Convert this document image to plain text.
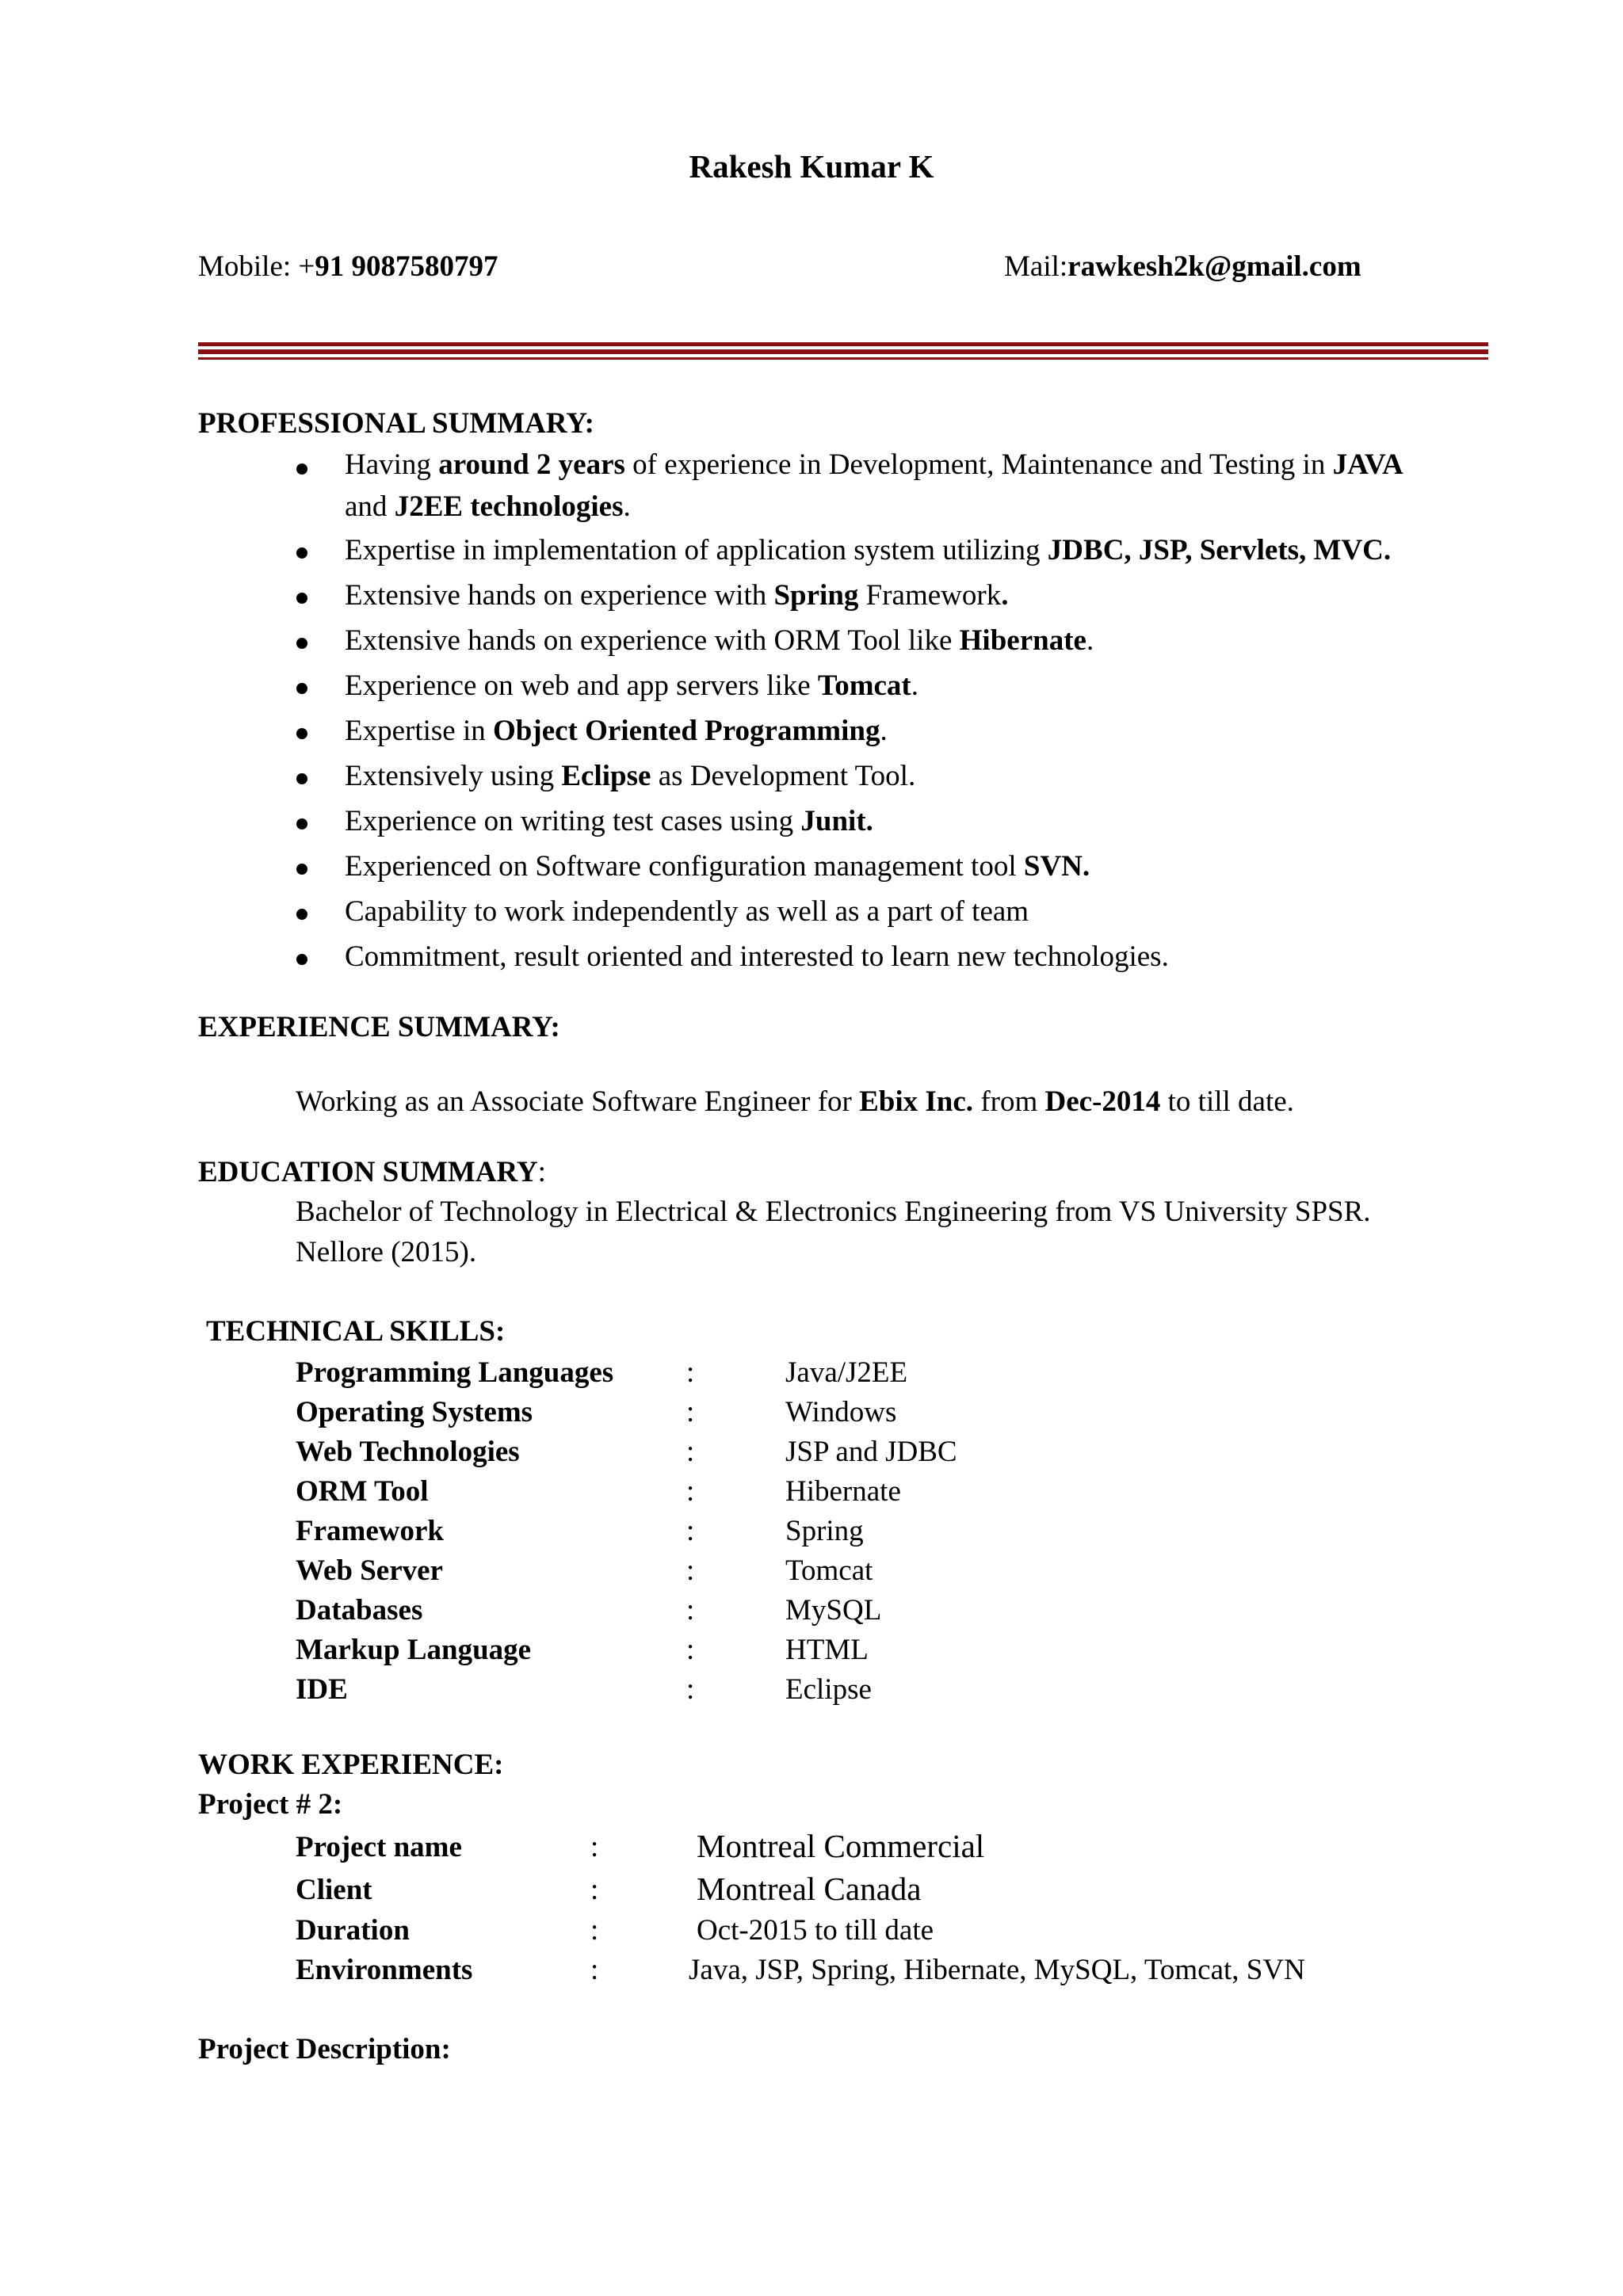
Rakesh Kumar K
Mobile: +91 9087580797	Mail:rawkesh2k@gmail.com
PROFESSIONAL SUMMARY:
Having around 2 years of experience in Development, Maintenance and Testing in JAVA
and J2EE technologies.
Expertise in implementation of application system utilizing JDBC, JSP, Servlets, MVC.
Extensive hands on experience with Spring Framework.
Extensive hands on experience with ORM Tool like Hibernate.
Experience on web and app servers like Tomcat.
Expertise in Object Oriented Programming.
Extensively using Eclipse as Development Tool.
Experience on writing test cases using Junit.
Experienced on Software configuration management tool SVN.
Capability to work independently as well as a part of team
Commitment, result oriented and interested to learn new technologies.
EXPERIENCE SUMMARY:
Working as an Associate Software Engineer for Ebix Inc. from Dec-2014 to till date.
EDUCATION SUMMARY:
Bachelor of Technology in Electrical & Electronics Engineering from VS University SPSR.
Nellore (2015).
TECHNICAL SKILLS:
Programming Languages :	Java/J2EE
Operating Systems	:	Windows
Web Technologies	:	JSP and JDBC
ORM Tool	:	Hibernate
Framework	:	Spring
Web Server	:	Tomcat
Databases	:	MySQL
Markup Language	:	HTML
IDE	:	Eclipse
WORK EXPERIENCE:
Project # 2:
Project name	:	Montreal Commercial
Client	:	Montreal Canada
Duration	:	Oct-2015 to till date
Environments	:	Java, JSP, Spring, Hibernate, MySQL, Tomcat, SVN
Project Description:
